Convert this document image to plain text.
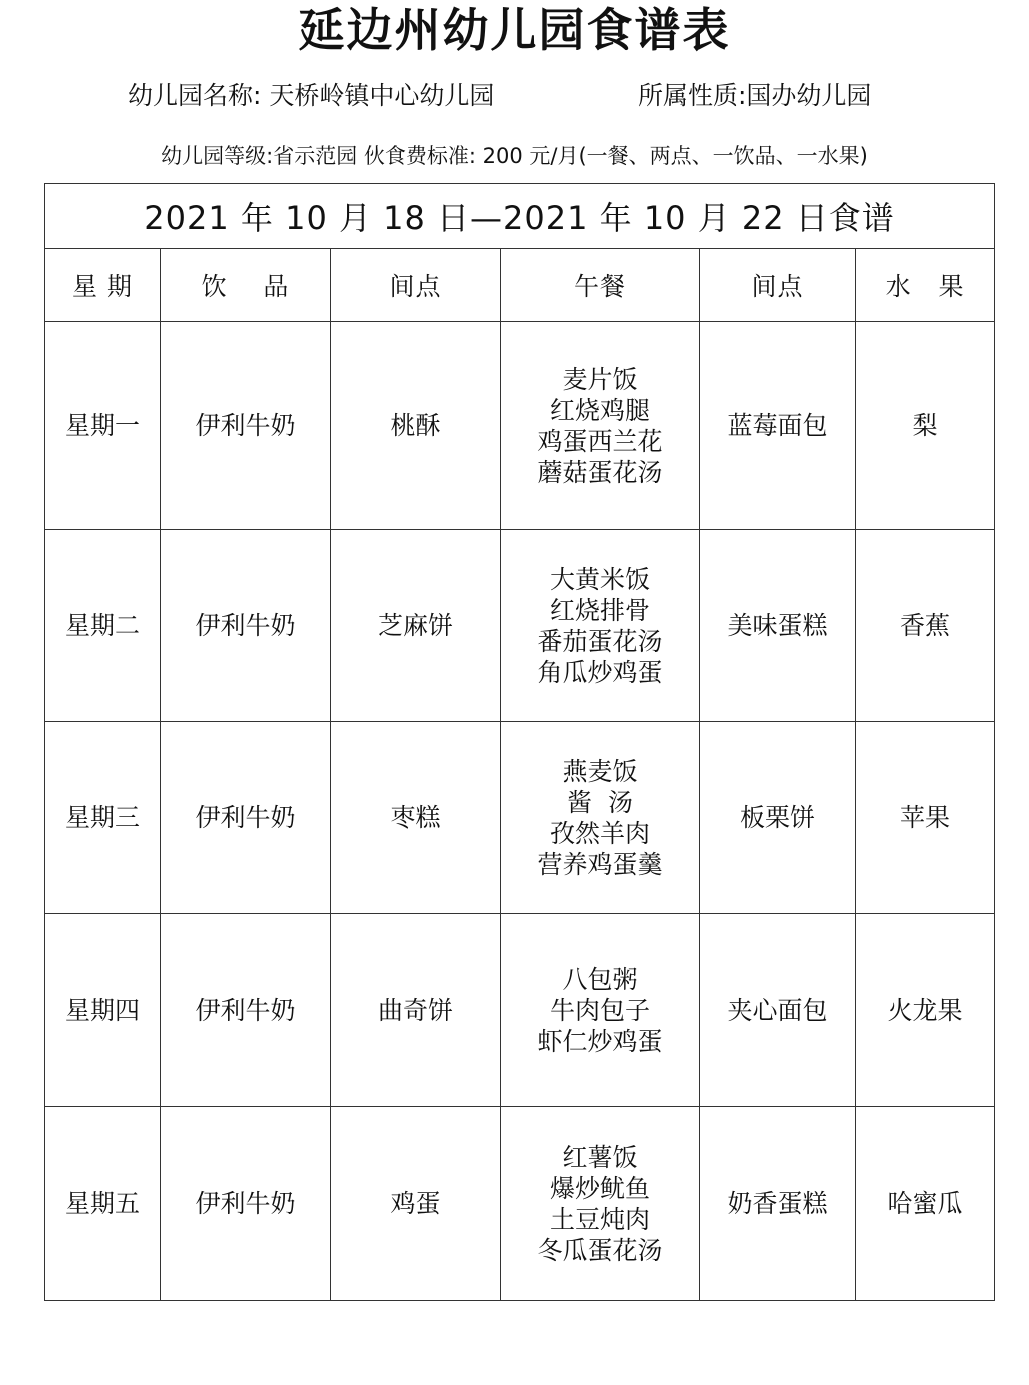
延边州幼儿园食谱表
幼儿园名称: 天桥岭镇中心幼儿园	所属性质:国办幼儿园
幼儿园等级:省示范园 伙食费标准: 200 元/月(一餐、两点、一饮品、一水果)
2021 年 10 月 18 日—2021 年 10 月 22 日食谱					
星 期	饮    品	间点	午餐	间点	水   果
星期一	伊利牛奶	桃酥	麦片饭
红烧鸡腿
鸡蛋西兰花
蘑菇蛋花汤	蓝莓面包	梨
星期二	伊利牛奶	芝麻饼	大黄米饭
红烧排骨
番茄蛋花汤
角瓜炒鸡蛋	美味蛋糕	香蕉
星期三	伊利牛奶	枣糕	燕麦饭
酱  汤
孜然羊肉
营养鸡蛋羹	板栗饼	苹果
星期四	伊利牛奶	曲奇饼	八包粥
牛肉包子
虾仁炒鸡蛋	夹心面包	火龙果
星期五	伊利牛奶	鸡蛋	红薯饭
爆炒鱿鱼
土豆炖肉
冬瓜蛋花汤	奶香蛋糕	哈蜜瓜
